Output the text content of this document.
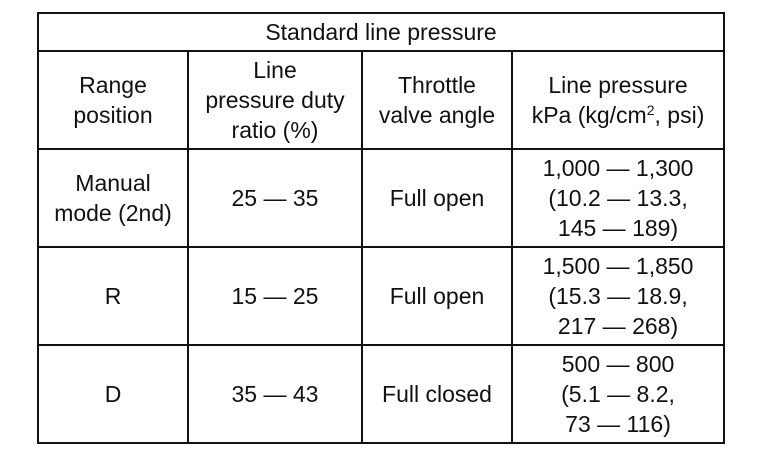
Standard line pressure			
Range
position	Line
pressure duty
ratio (%)	Throttle
valve angle	Line pressure
kPa ($kg/cm^2$, psi)
Manual
mode (2nd)	25 — 35	Full open	1,000 — 1,300
(10.2 — 13.3,
145 — 189)
R	15 — 25	Full open	1,500 — 1,850
(15.3 — 18.9,
217 — 268)
D	35 — 43	Full closed	500 — 800
(5.1 — 8.2,
73 — 116)
